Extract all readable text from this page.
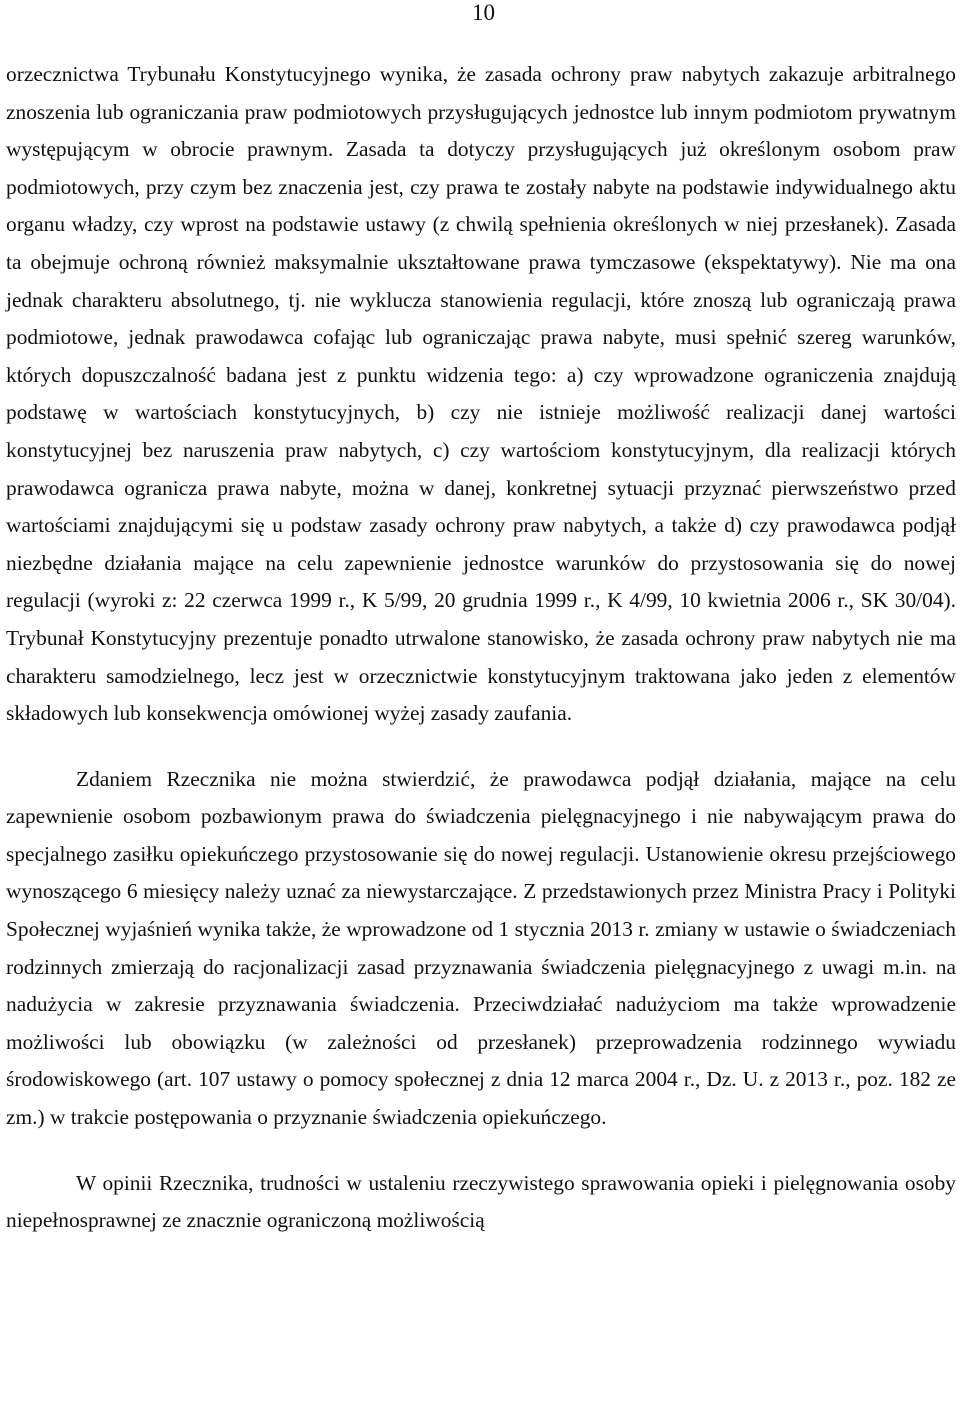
10

orzecznictwa Trybunału Konstytucyjnego wynika, że zasada ochrony praw nabytych zakazuje arbitralnego znoszenia lub ograniczania praw podmiotowych przysługujących jednostce lub innym podmiotom prywatnym występującym w obrocie prawnym. Zasada ta dotyczy przysługujących już określonym osobom praw podmiotowych, przy czym bez znaczenia jest, czy prawa te zostały nabyte na podstawie indywidualnego aktu organu władzy, czy wprost na podstawie ustawy (z chwilą spełnienia określonych w niej przesłanek). Zasada ta obejmuje ochroną również maksymalnie ukształtowane prawa tymczasowe (ekspektatywy). Nie ma ona jednak charakteru absolutnego, tj. nie wyklucza stanowienia regulacji, które znoszą lub ograniczają prawa podmiotowe, jednak prawodawca cofając lub ograniczając prawa nabyte, musi spełnić szereg warunków, których dopuszczalność badana jest z punktu widzenia tego: a) czy wprowadzone ograniczenia znajdują podstawę w wartościach konstytucyjnych, b) czy nie istnieje możliwość realizacji danej wartości konstytucyjnej bez naruszenia praw nabytych, c) czy wartościom konstytucyjnym, dla realizacji których prawodawca ogranicza prawa nabyte, można w danej, konkretnej sytuacji przyznać pierwszeństwo przed wartościami znajdującymi się u podstaw zasady ochrony praw nabytych, a także d) czy prawodawca podjął niezbędne działania mające na celu zapewnienie jednostce warunków do przystosowania się do nowej regulacji (wyroki z: 22 czerwca 1999 r., K 5/99, 20 grudnia 1999 r., K 4/99, 10 kwietnia 2006 r., SK 30/04). Trybunał Konstytucyjny prezentuje ponadto utrwalone stanowisko, że zasada ochrony praw nabytych nie ma charakteru samodzielnego, lecz jest w orzecznictwie konstytucyjnym traktowana jako jeden z elementów składowych lub konsekwencja omówionej wyżej zasady zaufania.

Zdaniem Rzecznika nie można stwierdzić, że prawodawca podjął działania, mające na celu zapewnienie osobom pozbawionym prawa do świadczenia pielęgnacyjnego i nie nabywającym prawa do specjalnego zasiłku opiekuńczego przystosowanie się do nowej regulacji. Ustanowienie okresu przejściowego wynoszącego 6 miesięcy należy uznać za niewystarczające. Z przedstawionych przez Ministra Pracy i Polityki Społecznej wyjaśnień wynika także, że wprowadzone od 1 stycznia 2013 r. zmiany w ustawie o świadczeniach rodzinnych zmierzają do racjonalizacji zasad przyznawania świadczenia pielęgnacyjnego z uwagi m.in. na nadużycia w zakresie przyznawania świadczenia. Przeciwdziałać nadużyciom ma także wprowadzenie możliwości lub obowiązku (w zależności od przesłanek) przeprowadzenia rodzinnego wywiadu środowiskowego (art. 107 ustawy o pomocy społecznej z dnia 12 marca 2004 r., Dz. U. z 2013 r., poz. 182 ze zm.) w trakcie postępowania o przyznanie świadczenia opiekuńczego.

W opinii Rzecznika, trudności w ustaleniu rzeczywistego sprawowania opieki i pielęgnowania osoby niepełnosprawnej ze znacznie ograniczoną możliwością
